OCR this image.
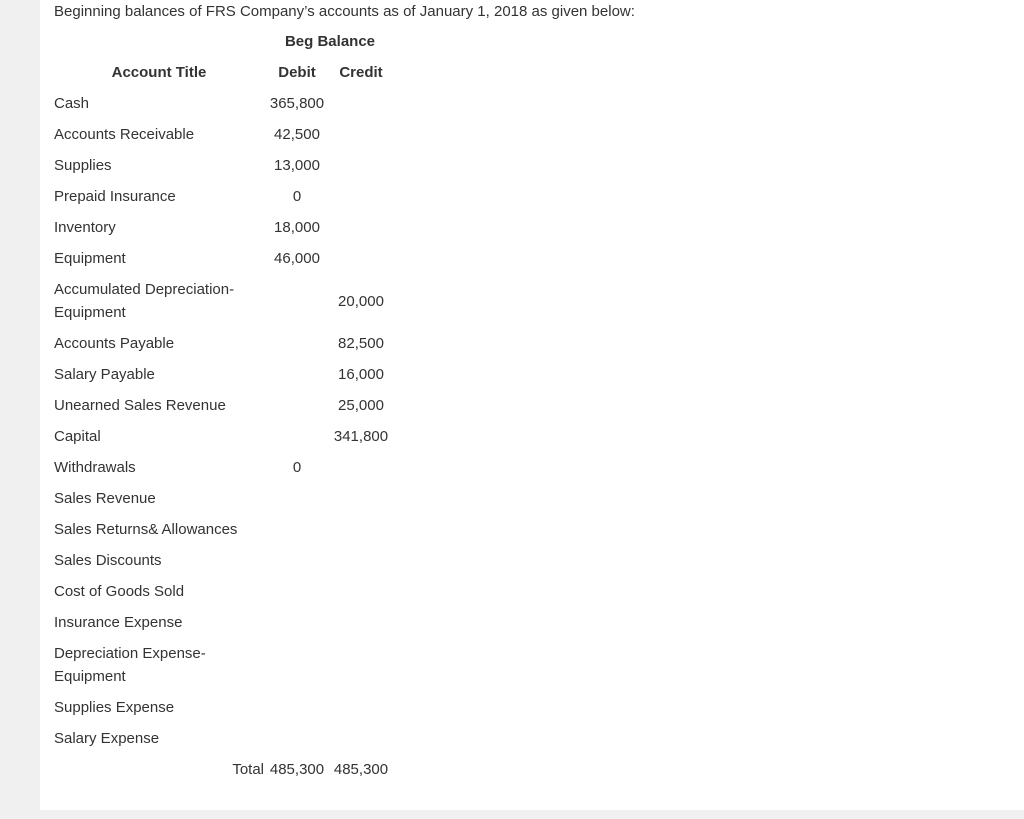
Beginning balances of FRS Company’s accounts as of January 1, 2018 as given below:
	Beg Balance	
Account Title	Debit	Credit
Cash	365,800	
Accounts Receivable	42,500	
Supplies	13,000	
Prepaid Insurance	0	
Inventory	18,000	
Equipment	46,000	
Accumulated Depreciation-Equipment		20,000
Accounts Payable		82,500
Salary Payable		16,000
Unearned Sales Revenue		25,000
Capital		341,800
Withdrawals	0	
Sales Revenue		
Sales Returns& Allowances		
Sales Discounts		
Cost of Goods Sold		
Insurance Expense		
Depreciation Expense-Equipment		
Supplies Expense		
Salary Expense		
Total	485,300	485,300
